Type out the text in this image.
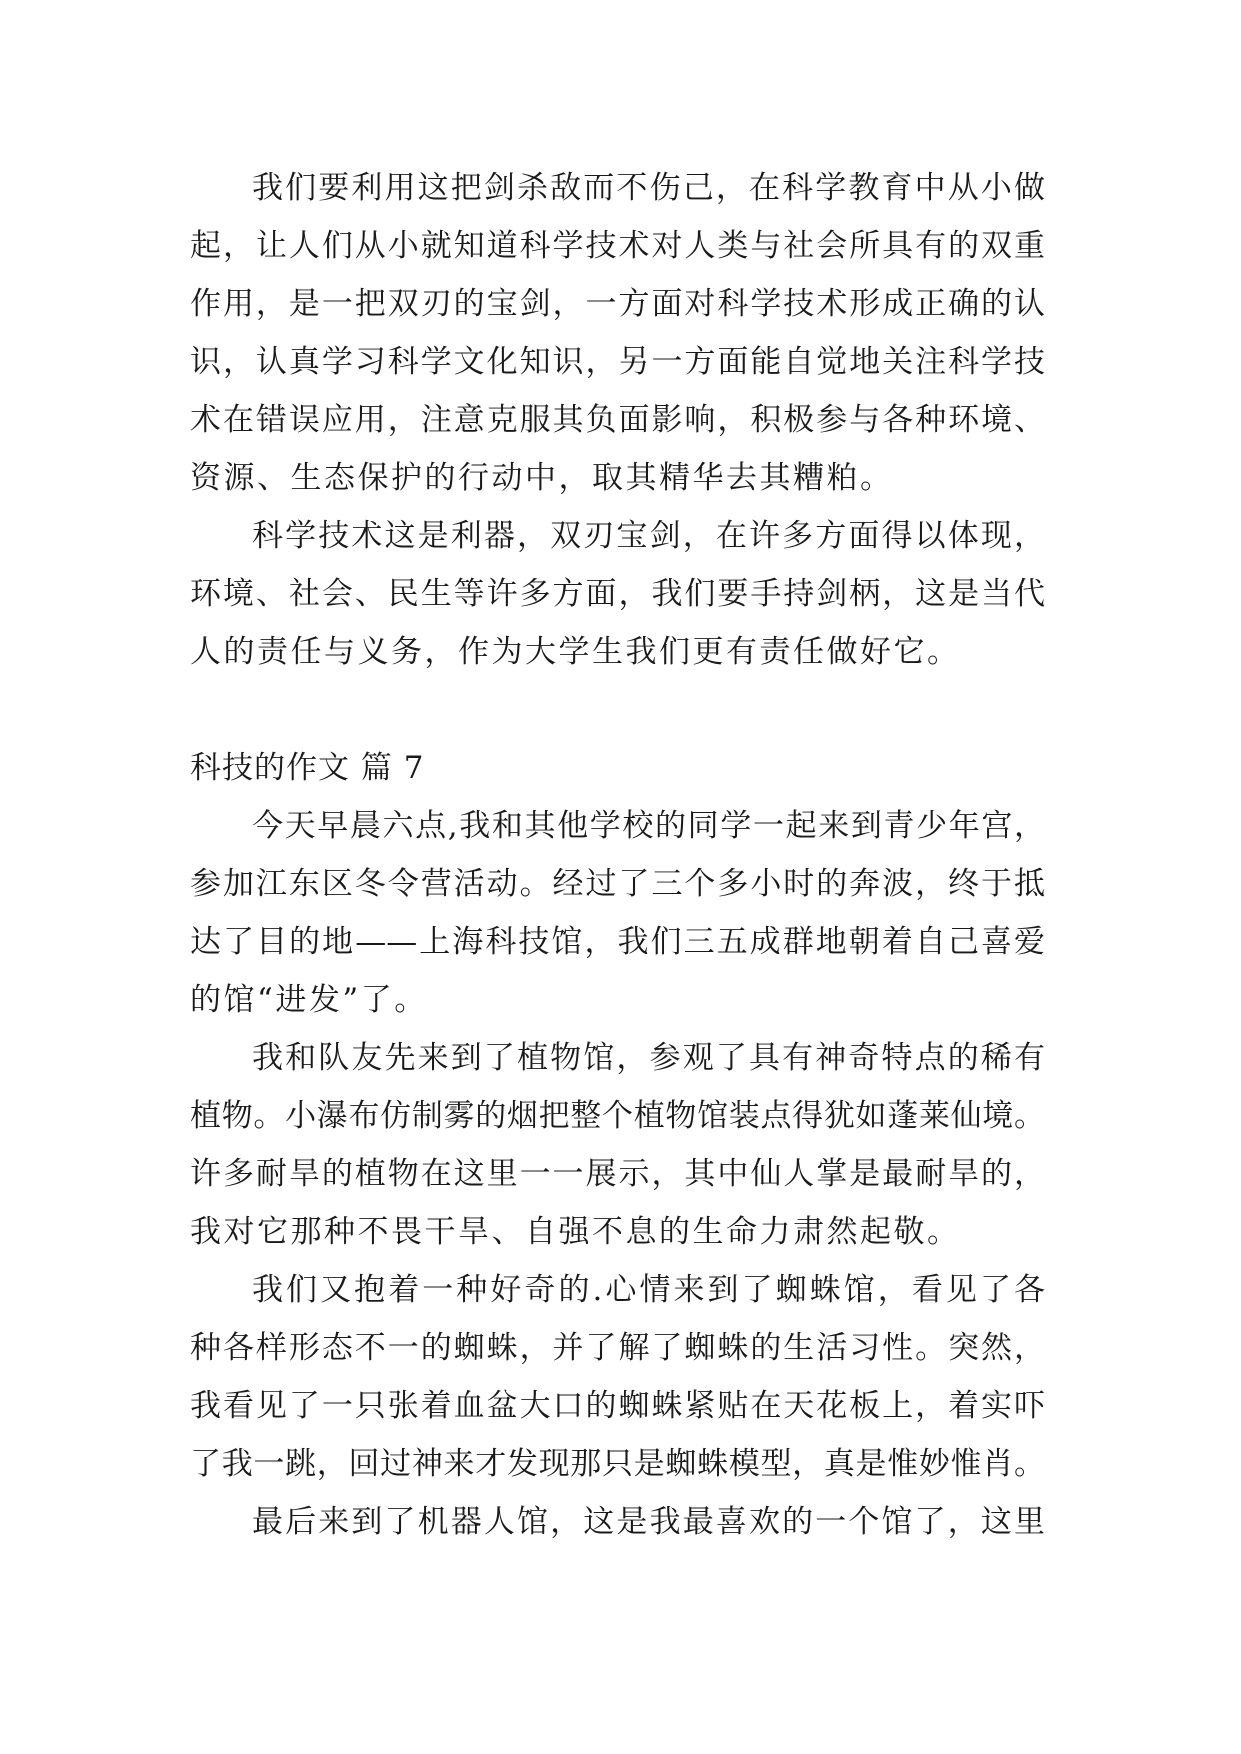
我们要利用这把剑杀敌而不伤己，在科学教育中从小做

起，让人们从小就知道科学技术对人类与社会所具有的双重

作用，是一把双刃的宝剑，一方面对科学技术形成正确的认

识，认真学习科学文化知识，另一方面能自觉地关注科学技

术在错误应用，注意克服其负面影响，积极参与各种环境、

资源、生态保护的行动中，取其精华去其糟粕。

科学技术这是利器，双刃宝剑，在许多方面得以体现，

环境、社会、民生等许多方面，我们要手持剑柄，这是当代

人的责任与义务，作为大学生我们更有责任做好它。

科技的作文 篇 7

今天早晨六点,我和其他学校的同学一起来到青少年宫，

参加江东区冬令营活动。经过了三个多小时的奔波，终于抵

达了目的地——上海科技馆，我们三五成群地朝着自己喜爱

的馆“进发”了。

我和队友先来到了植物馆，参观了具有神奇特点的稀有

植物。小瀑布仿制雾的烟把整个植物馆装点得犹如蓬莱仙境。

许多耐旱的植物在这里一一展示，其中仙人掌是最耐旱的，

我对它那种不畏干旱、自强不息的生命力肃然起敬。

我们又抱着一种好奇的.心情来到了蜘蛛馆，看见了各

种各样形态不一的蜘蛛，并了解了蜘蛛的生活习性。突然，

我看见了一只张着血盆大口的蜘蛛紧贴在天花板上，着实吓

了我一跳，回过神来才发现那只是蜘蛛模型，真是惟妙惟肖。

最后来到了机器人馆，这是我最喜欢的一个馆了，这里
